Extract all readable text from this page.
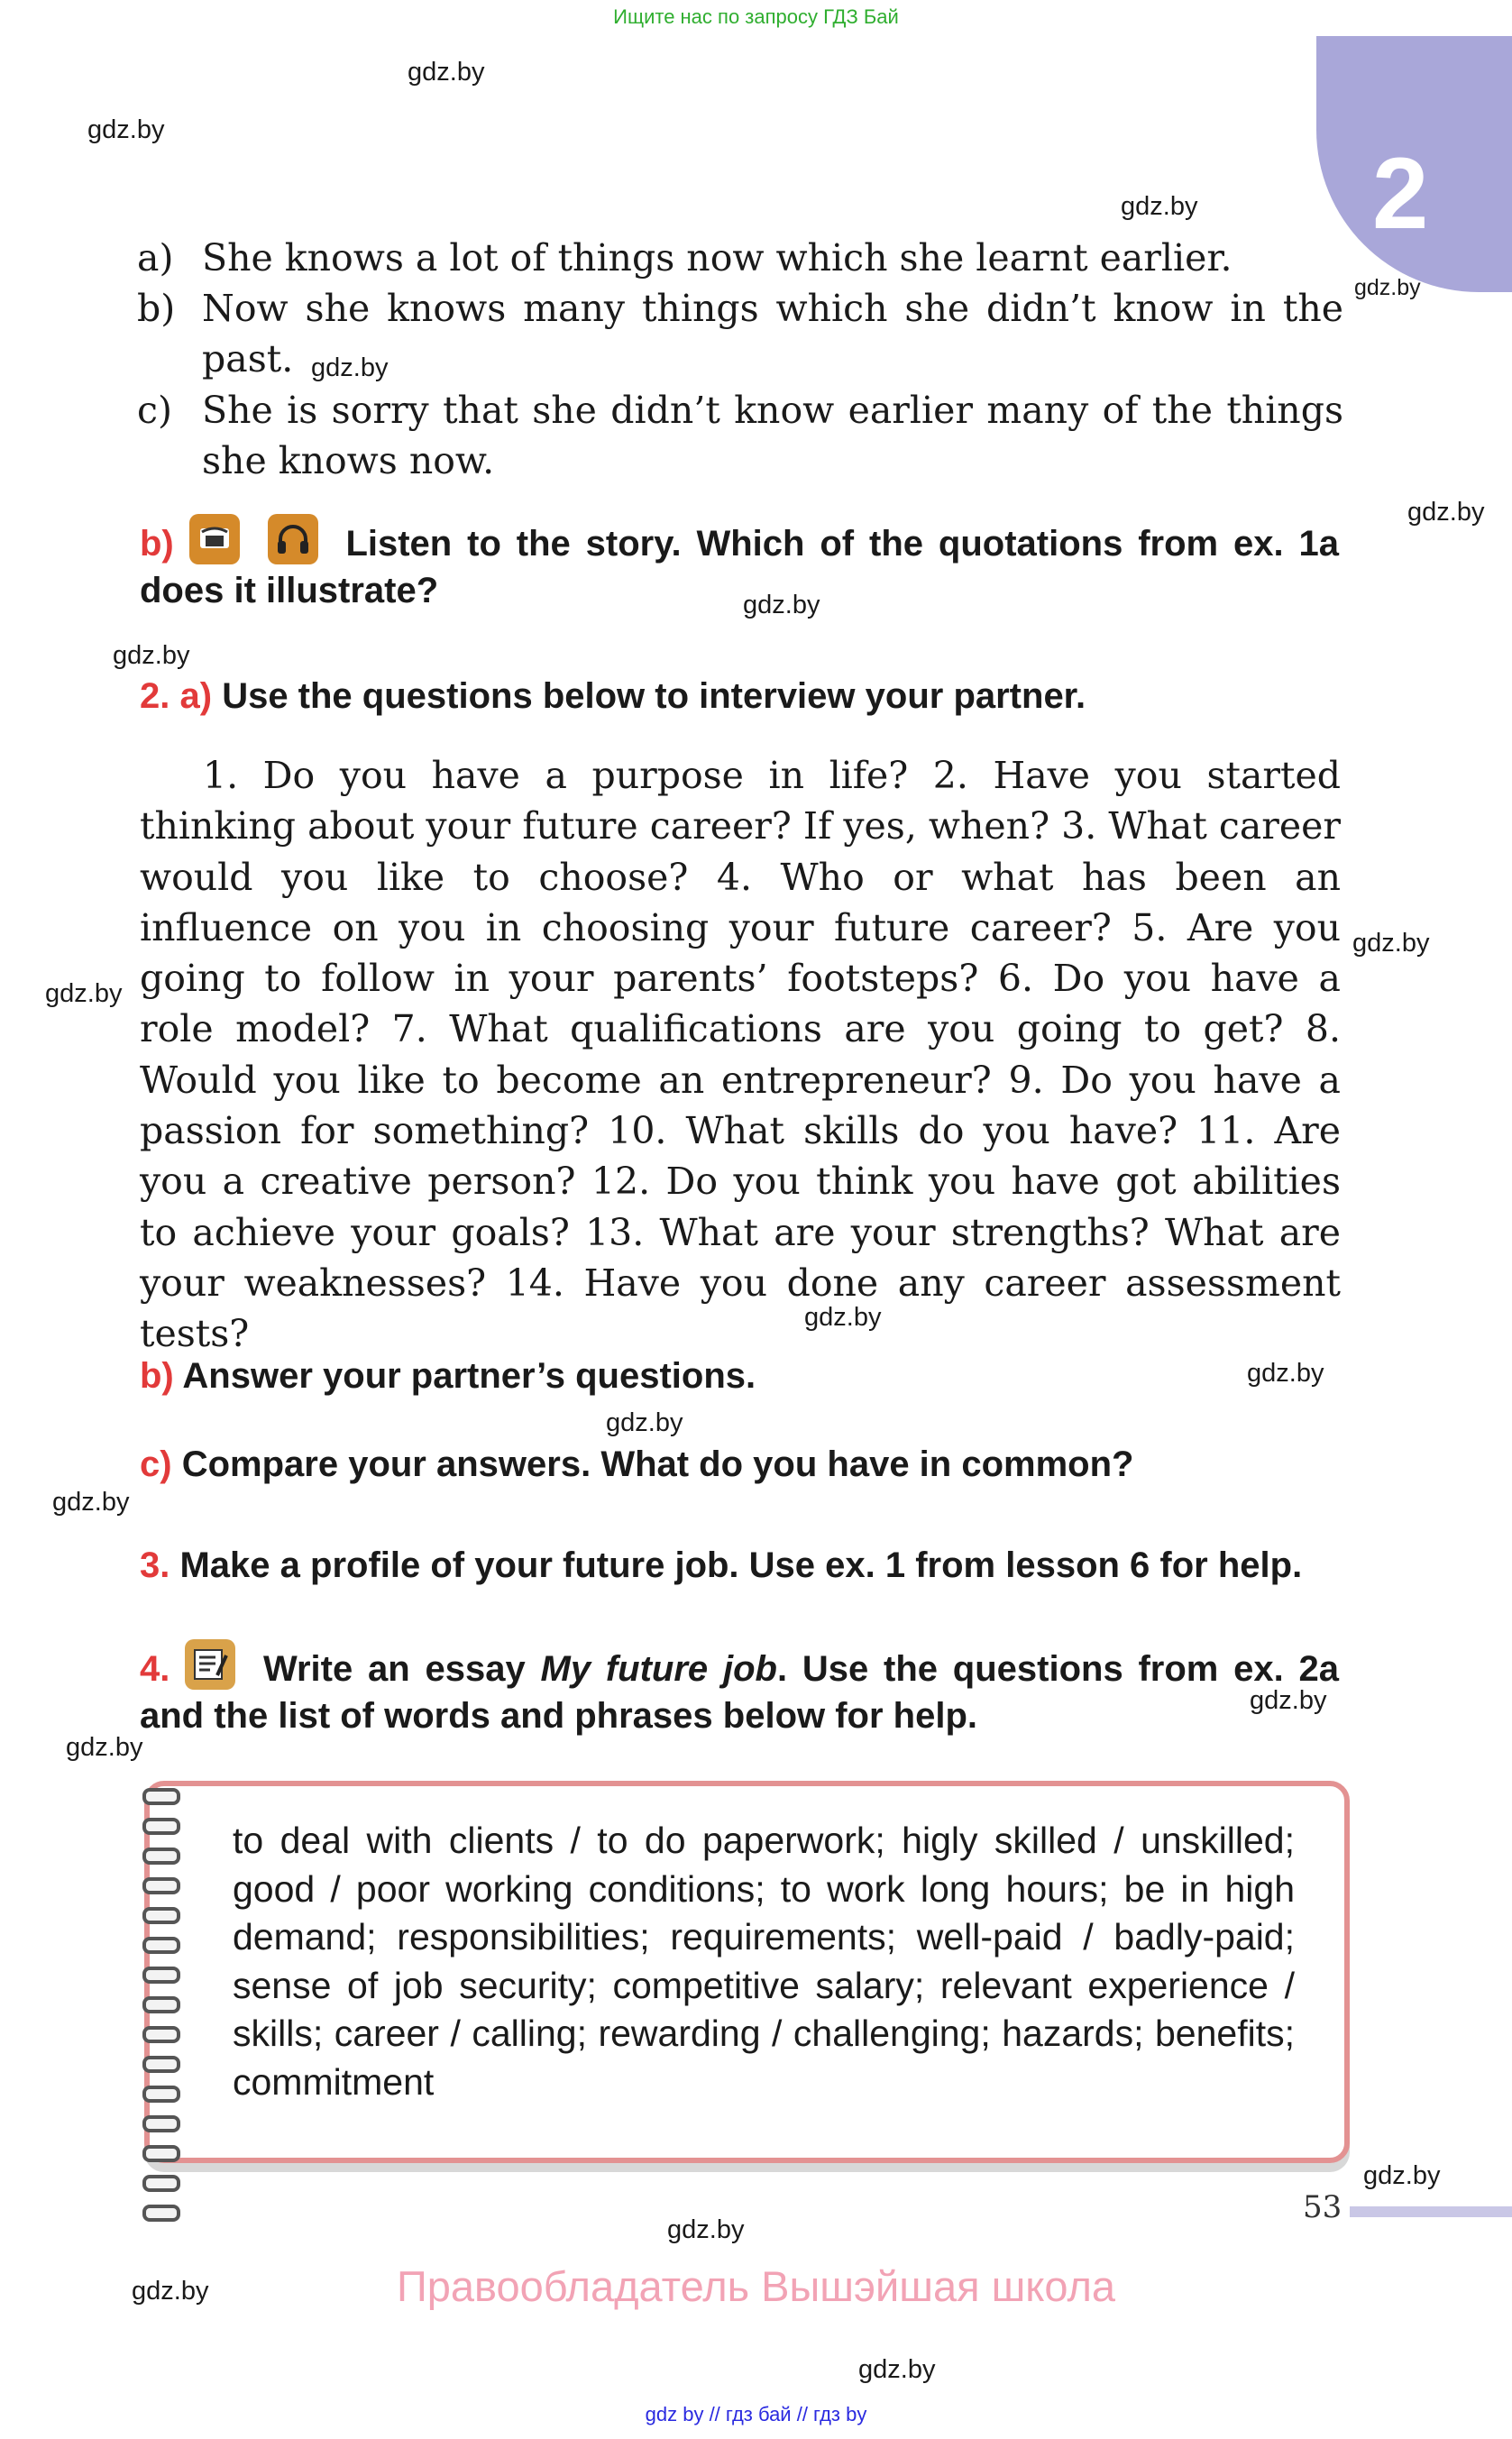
Ищите нас по запросу ГДЗ Бай
2
gdz.by
gdz.by
gdz.by
gdz.by
gdz.by
gdz.by
gdz.by
gdz.by
gdz.by
gdz.by
gdz.by
gdz.by
gdz.by
gdz.by
gdz.by
gdz.by
gdz.by
gdz.by
gdz.by
gdz.by
a) She knows a lot of things now which she learnt earlier.
b) Now she knows many things which she didn’t know in the past.
c) She is sorry that she didn’t know earlier many of the things she knows now.
b)
	Listen to the story. Which of the quotations from ex. 1a does it illustrate?
2. a) Use the questions below to interview your partner.
1. Do you have a purpose in life? 2. Have you started thinking about your future career? If yes, when? 3. What career would you like to choose? 4. Who or what has been an influence on you in choosing your future career? 5. Are you going to follow in your parents’ footsteps? 6. Do you have a role model? 7. What qualifications are you going to get? 8. Would you like to become an entrepreneur? 9. Do you have a passion for something? 10. What skills do you have? 11. Are you a creative person? 12. Do you think you have got abilities to achieve your goals? 13. What are your strengths? What are your weaknesses? 14. Have you done any career assessment tests?
b) Answer your partner’s questions.
c) Compare your answers. What do you have in common?
3. Make a profile of your future job. Use ex. 1 from lesson 6 for help.
4.	Write an essay My future job. Use the questions from ex. 2a and the list of words and phrases below for help.
to deal with clients / to do paperwork; higly skilled / unskilled; good / poor working conditions; to work long hours; be in high demand; responsibilities; requirements; well-paid / badly-paid; sense of job security; competitive salary; relevant experience / skills; career / calling; rewarding / challenging; hazards; benefits; commitment
53
Правообладатель Вышэйшая школа
gdz by // гдз бай // гдз by
